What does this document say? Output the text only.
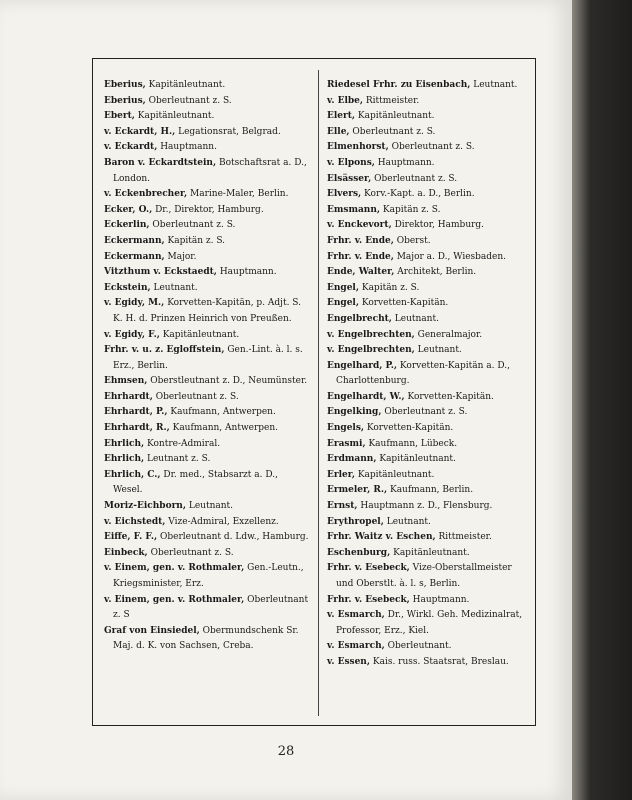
Eberius, Kapitänleutnant.
Eberius, Oberleutnant z. S.
Ebert, Kapitänleutnant.
v. Eckardt, H., Legationsrat, Belgrad.
v. Eckardt, Hauptmann.
Baron v. Eckardtstein, Botschaftsrat a. D., London.
v. Eckenbrecher, Marine-Maler, Berlin.
Ecker, O., Dr., Direktor, Hamburg.
Eckerlin, Oberleutnant z. S.
Eckermann, Kapitän z. S.
Eckermann, Major.
Vitzthum v. Eckstaedt, Hauptmann.
Eckstein, Leutnant.
v. Egidy, M., Korvetten-Kapitän, p. Adjt. S. K. H. d. Prinzen Heinrich von Preußen.
v. Egidy, F., Kapitänleutnant.
Frhr. v. u. z. Egloffstein, Gen.-Lint. à. l. s. Erz., Berlin.
Ehmsen, Oberstleutnant z. D., Neumünster.
Ehrhardt, Oberleutnant z. S.
Ehrhardt, P., Kaufmann, Antwerpen.
Ehrhardt, R., Kaufmann, Antwerpen.
Ehrlich, Kontre-Admiral.
Ehrlich, Leutnant z. S.
Ehrlich, C., Dr. med., Stabsarzt a. D., Wesel.
Moriz-Eichborn, Leutnant.
v. Eichstedt, Vize-Admiral, Exzellenz.
Eiffe, F. F., Oberleutnant d. Ldw., Hamburg.
Einbeck, Oberleutnant z. S.
v. Einem, gen. v. Rothmaler, Gen.-Leutn., Kriegsminister, Erz.
v. Einem, gen. v. Rothmaler, Oberleutnant z. S
Graf von Einsiedel, Obermundschenk Sr. Maj. d. K. von Sachsen, Creba.
Riedesel Frhr. zu Eisenbach, Leutnant.
v. Elbe, Rittmeister.
Elert, Kapitänleutnant.
Elle, Oberleutnant z. S.
Elmenhorst, Oberleutnant z. S.
v. Elpons, Hauptmann.
Elsässer, Oberleutnant z. S.
Elvers, Korv.-Kapt. a. D., Berlin.
Emsmann, Kapitän z. S.
v. Enckevort, Direktor, Hamburg.
Frhr. v. Ende, Oberst.
Frhr. v. Ende, Major a. D., Wiesbaden.
Ende, Walter, Architekt, Berlin.
Engel, Kapitän z. S.
Engel, Korvetten-Kapitän.
Engelbrecht, Leutnant.
v. Engelbrechten, Generalmajor.
v. Engelbrechten, Leutnant.
Engelhard, P., Korvetten-Kapitän a. D., Charlottenburg.
Engelhardt, W., Korvetten-Kapitän.
Engelking, Oberleutnant z. S.
Engels, Korvetten-Kapitän.
Erasmi, Kaufmann, Lübeck.
Erdmann, Kapitänleutnant.
Erler, Kapitänleutnant.
Ermeler, R., Kaufmann, Berlin.
Ernst, Hauptmann z. D., Flensburg.
Erythropel, Leutnant.
Frhr. Waitz v. Eschen, Rittmeister.
Eschenburg, Kapitänleutnant.
Frhr. v. Esebeck, Vize-Oberstallmeister und Oberstlt. à. l. s, Berlin.
Frhr. v. Esebeck, Hauptmann.
v. Esmarch, Dr., Wirkl. Geh. Medizinalrat, Professor, Erz., Kiel.
v. Esmarch, Oberleutnant.
v. Essen, Kais. russ. Staatsrat, Breslau.
28
